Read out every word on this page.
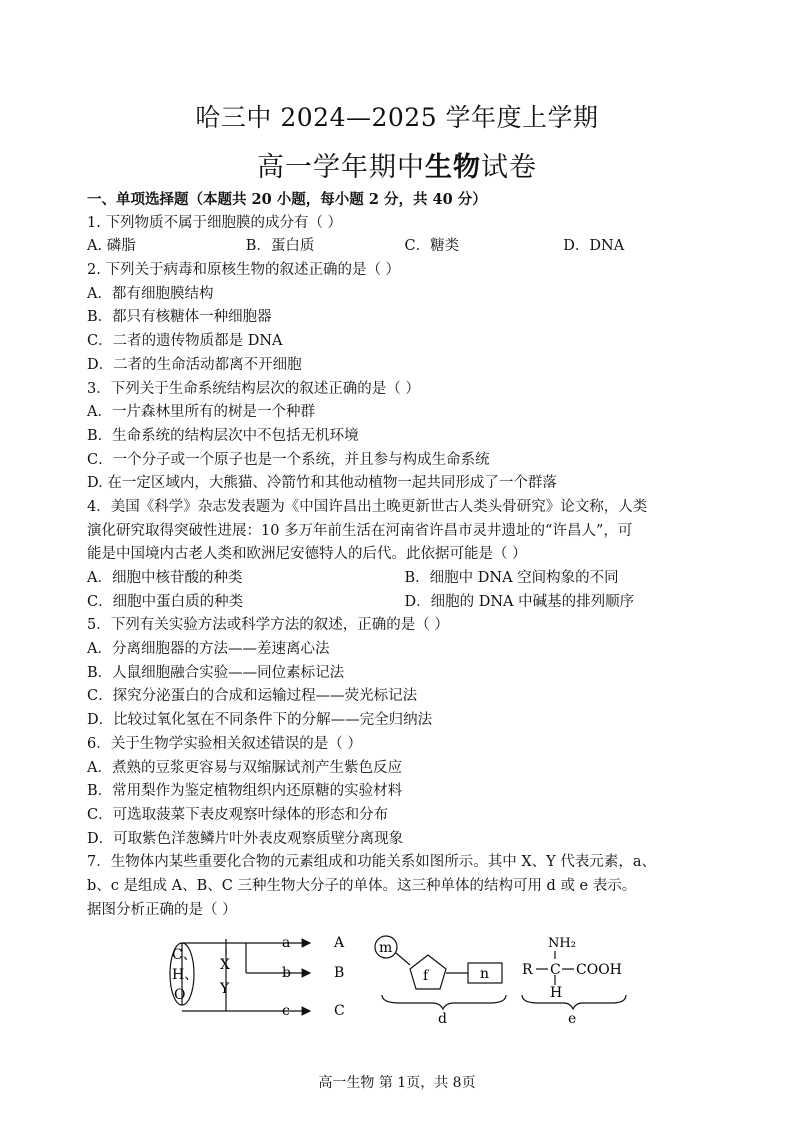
哈三中 2024—2025 学年度上学期
高一学年期中生物试卷
一、单项选择题（本题共 20 小题，每小题 2 分，共 40 分）
1. 下列物质不属于细胞膜的成分有（ ）
A. 磷脂	B．蛋白质	C．糖类	D．DNA
2. 下列关于病毒和原核生物的叙述正确的是（ ）
A．都有细胞膜结构
B．都只有核糖体一种细胞器
C．二者的遗传物质都是 DNA
D．二者的生命活动都离不开细胞
3．下列关于生命系统结构层次的叙述正确的是（ ）
A．一片森林里所有的树是一个种群
B．生命系统的结构层次中不包括无机环境
C．一个分子或一个原子也是一个系统，并且参与构成生命系统
D. 在一定区域内，大熊猫、冷箭竹和其他动植物一起共同形成了一个群落
4．美国《科学》杂志发表题为《中国许昌出土晚更新世古人类头骨研究》论文称，人类
演化研究取得突破性进展：10 多万年前生活在河南省许昌市灵井遗址的“许昌人”，可
能是中国境内古老人类和欧洲尼安德特人的后代。此依据可能是（ ）
A．细胞中核苷酸的种类	B．细胞中 DNA 空间构象的不同
C．细胞中蛋白质的种类	D．细胞的 DNA 中碱基的排列顺序
5．下列有关实验方法或科学方法的叙述，正确的是（ ）
A．分离细胞器的方法——差速离心法
B．人鼠细胞融合实验——同位素标记法
C．探究分泌蛋白的合成和运输过程——荧光标记法
D．比较过氧化氢在不同条件下的分解——完全归纳法
6．关于生物学实验相关叙述错误的是（ ）
A．煮熟的豆浆更容易与双缩脲试剂产生紫色反应
B．常用梨作为鉴定植物组织内还原糖的实验材料
C．可选取菠菜下表皮观察叶绿体的形态和分布
D．可取紫色洋葱鳞片叶外表皮观察质壁分离现象
7．生物体内某些重要化合物的元素组成和功能关系如图所示。其中 X、Y 代表元素，a、
b、c 是组成 A、B、C 三种生物大分子的单体。这三种单体的结构可用 d 或 e 表示。
据图分析正确的是（ ）
C、
H、
O
X
Y
a
b
c
A
B
C
m
f	n
d
NH₂
R C COOH
H
e
高一生物 第 1页，共 8页
